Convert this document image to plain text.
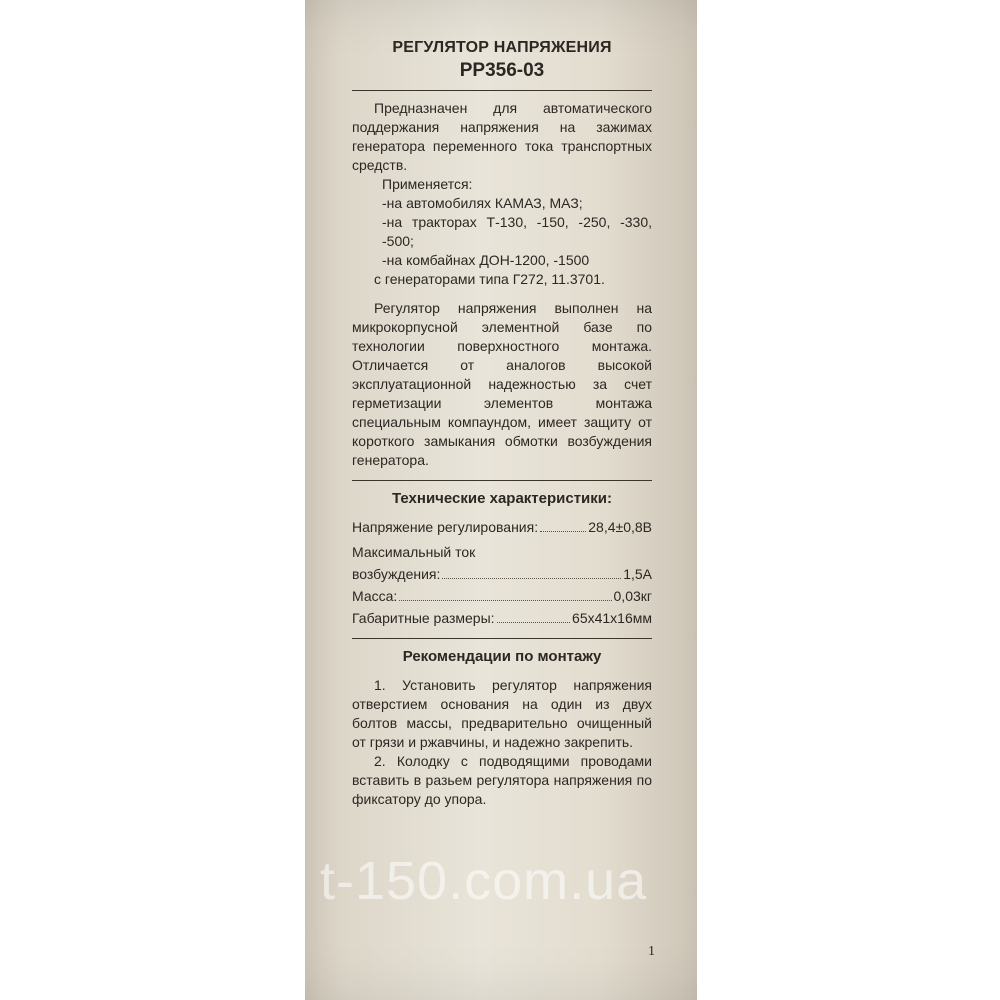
РЕГУЛЯТОР НАПРЯЖЕНИЯ
РР356-03

Предназначен для автоматического поддержания напряжения на зажимах генератора переменного тока транспортных средств.

Применяется:

-на автомобилях КАМАЗ, МАЗ;

-на тракторах Т-130, -150, -250, -330, -500;

-на комбайнах ДОН-1200, -1500

с генераторами типа Г272, 11.3701.

Регулятор напряжения выполнен на микрокорпусной элементной базе по технологии поверхностного монтажа. Отличается от аналогов высокой эксплуатационной надежностью за счет герметизации элементов монтажа специальным компаундом, имеет защиту от короткого замыкания обмотки возбуждения генератора.

Технические характеристики:
Напряжение регулирования:	28,4±0,8В
Максимальный ток
возбуждения:	1,5А
Масса:	0,03кг
Габаритные размеры:	65x41x16мм
Рекомендации по монтажу

1. Установить регулятор напряжения отверстием основания на один из двух болтов массы, предварительно очищенный от грязи и ржавчины, и надежно закрепить.

2. Колодку с подводящими проводами вставить в разьем регулятора напряжения по фиксатору до упора.

t-150.com.ua
1
